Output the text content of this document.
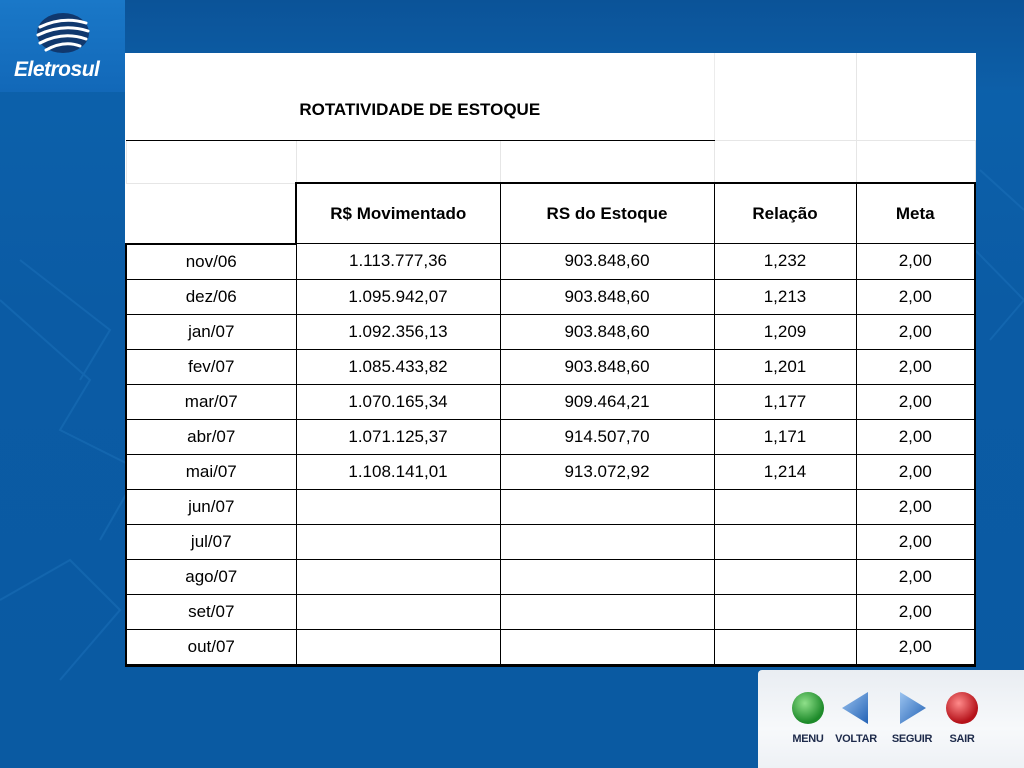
Eletrosul
ROTATIVIDADE DE ESTOQUE				

	R$ Movimentado	RS do Estoque	Relação	Meta
nov/06	1.113.777,36	903.848,60	1,232	2,00
dez/06	1.095.942,07	903.848,60	1,213	2,00
jan/07	1.092.356,13	903.848,60	1,209	2,00
fev/07	1.085.433,82	903.848,60	1,201	2,00
mar/07	1.070.165,34	909.464,21	1,177	2,00
abr/07	1.071.125,37	914.507,70	1,171	2,00
mai/07	1.108.141,01	913.072,92	1,214	2,00
jun/07				2,00
jul/07				2,00
ago/07				2,00
set/07				2,00
out/07				2,00
MENU	VOLTAR	SEGUIR	SAIR
